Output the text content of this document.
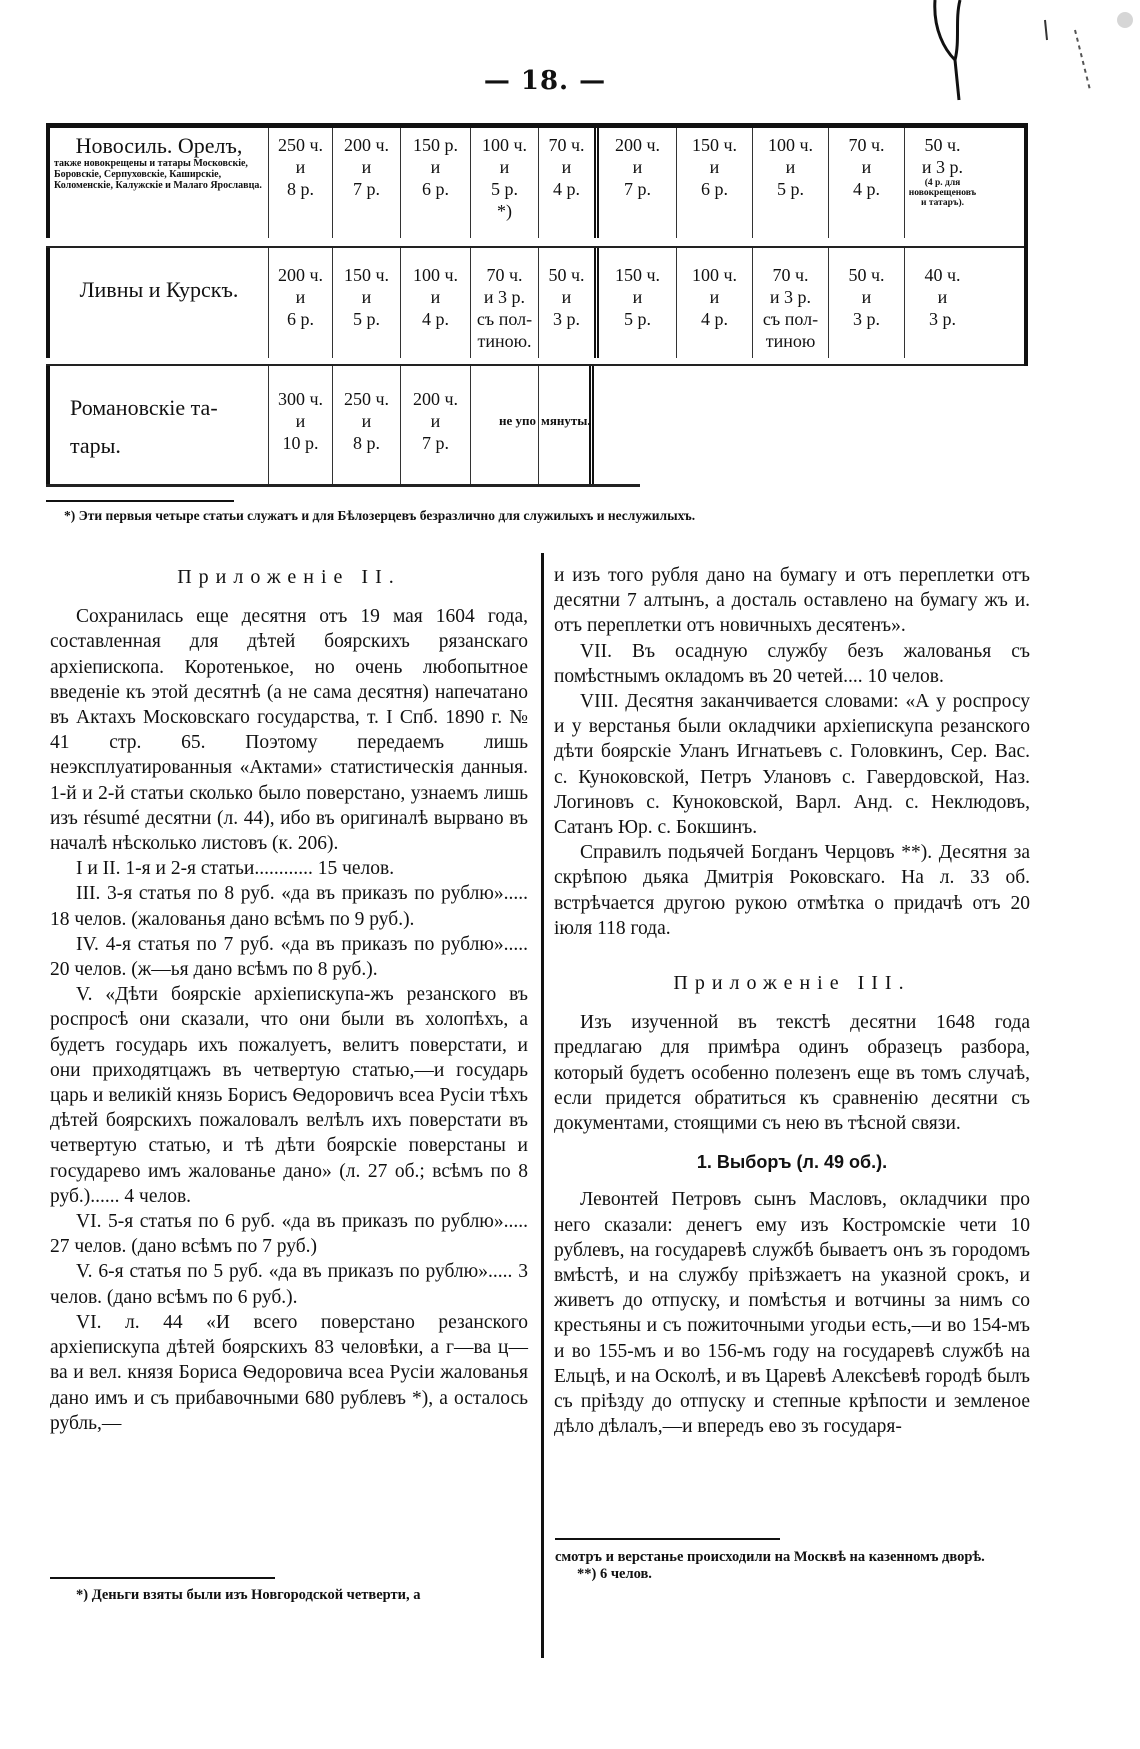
— 18. —
Новосиль. Орелъ,
также новокрещены и татары Московскіе, Боровскіе, Серпуховскіе, Каширскіе, Коломенскіе, Калужскіе и Малаго Ярославца.
250 ч.
и
8 р.
200 ч.
и
7 р.
150 р.
и
6 р.
100 ч.
и
5 р.
*)
70 ч.
и
4 р.
200 ч.
и
7 р.
150 ч.
и
6 р.
100 ч.
и
5 р.
70 ч.
и
4 р.
50 ч.
и 3 р.
(4 р. для новокрещеновъ и татаръ).
Ливны и Курскъ.
200 ч.
и
6 р.
150 ч.
и
5 р.
100 ч.
и
4 р.
70 ч.
и 3 р.
съ пол-
тиною.
50 ч.
и
3 р.
150 ч.
и
5 р.
100 ч.
и
4 р.
70 ч.
и 3 р.
съ пол-
тиною
50 ч.
и
3 р.
40 ч.
и
3 р.
Романовскіе та-
тары.
300 ч.
и
10 р.
250 ч.
и
8 р.
200 ч.
и
7 р.
не упо мянуты.
*) Эти первыя четыре статьи служатъ и для Бѣлозерцевъ безразлично для служилыхъ и неслужилыхъ.

Приложеніе II.

Сохранилась еще десятня отъ 19 мая 1604 года, составленная для дѣтей боярскихъ рязанскаго архіепископа. Коротенькое, но очень любопытное введеніе къ этой десятнѣ (а не сама десятня) напечатано въ Актахъ Московскаго государства, т. I Спб. 1890 г. № 41 стр. 65. Поэтому передаемъ лишь неэксплуатированныя «Актами» статистическія данныя. 1-й и 2-й статьи сколько было поверстано, узнаемъ лишь изъ résumé десятни (л. 44), ибо въ оригиналѣ вырвано въ началѣ нѣсколько листовъ (к. 206).

I и II. 1-я и 2-я статьи............ 15 челов.

III. 3-я статья по 8 руб. «да въ приказъ по рублю»..... 18 челов. (жалованья дано всѣмъ по 9 руб.).

IV. 4-я статья по 7 руб. «да въ приказъ по рублю»..... 20 челов. (ж—ья дано всѣмъ по 8 руб.).

V. «Дѣти боярскіе архіепискупа-жъ резанского въ роспросѣ они сказали, что они были въ холопѣхъ, а будетъ государь ихъ пожалуетъ, велитъ поверстати, и они приходятцажъ въ четвертую статью,—и государь царь и великій князь Борисъ Ѳедоровичъ всеа Русіи тѣхъ дѣтей боярскихъ пожаловалъ велѣлъ ихъ поверстати въ четвертую статью, и тѣ дѣти боярскіе поверстаны и государево имъ жалованье дано» (л. 27 об.; всѣмъ по 8 руб.)...... 4 челов.

VI. 5-я статья по 6 руб. «да въ приказъ по рублю»..... 27 челов. (дано всѣмъ по 7 руб.)

V. 6-я статья по 5 руб. «да въ приказъ по рублю»..... 3 челов. (дано всѣмъ по 6 руб.).

VI. л. 44 «И всего поверстано резанского архіепискупа дѣтей боярскихъ 83 человѣки, а г—ва ц—ва и вел. князя Бориса Ѳедоровича всеа Русіи жалованья дано имъ и съ прибавочными 680 рублевъ *), а осталось рубль,—

*) Деньги взяты были изъ Новгородской четверти, а

и изъ того рубля дано на бумагу и отъ переплетки отъ десятни 7 алтынъ, а досталь оставлено на бумагу жъ и. отъ переплетки отъ новичныхъ десятенъ».

VII. Въ осадную службу безъ жалованья съ помѣстнымъ окладомъ въ 20 четей.... 10 челов.

VIII. Десятня заканчивается словами: «А у роспросу и у верстанья были окладчики архіепискупа резанского дѣти боярскіе Уланъ Игнатьевъ с. Головкинъ, Сер. Вас. с. Куноковской, Петръ Улановъ с. Гавердовской, Наз. Логиновъ с. Куноковской, Варл. Анд. с. Неклюдовъ, Сатанъ Юр. с. Бокшинъ.

Справилъ подьячей Богданъ Черцовъ **). Десятня за скрѣпою дьяка Дмитрія Роковскаго. На л. 33 об. встрѣчается другою рукою отмѣтка о придачѣ отъ 20 іюля 118 года.

Приложеніе III.

Изъ изученной въ текстѣ десятни 1648 года предлагаю для примѣра одинъ образецъ разбора, который будетъ особенно полезенъ еще въ томъ случаѣ, если придется обратиться къ сравненію десятни съ документами, стоящими съ нею въ тѣсной связи.

1. Выборъ (л. 49 об.).

Левонтей Петровъ сынъ Масловъ, окладчики про него сказали: денегъ ему изъ Костромскіе чети 10 рублевъ, на государевѣ службѣ бываетъ онъ зъ городомъ вмѣстѣ, и на службу пріѣзжаетъ на указной срокъ, и живетъ до отпуску, и помѣстья и вотчины за нимъ со крестьяны и съ пожиточными угодьи есть,—и во 154-мъ и во 155-мъ и во 156-мъ году на государевѣ службѣ на Ельцѣ, и на Осколѣ, и въ Царевѣ Алексѣевѣ городѣ былъ съ пріѣзду до отпуску и степные крѣпости и земленое дѣло дѣлалъ,—и впередъ ево зъ государя-

смотръ и верстанье происходили на Москвѣ на казенномъ дворѣ.
**) 6 челов.
